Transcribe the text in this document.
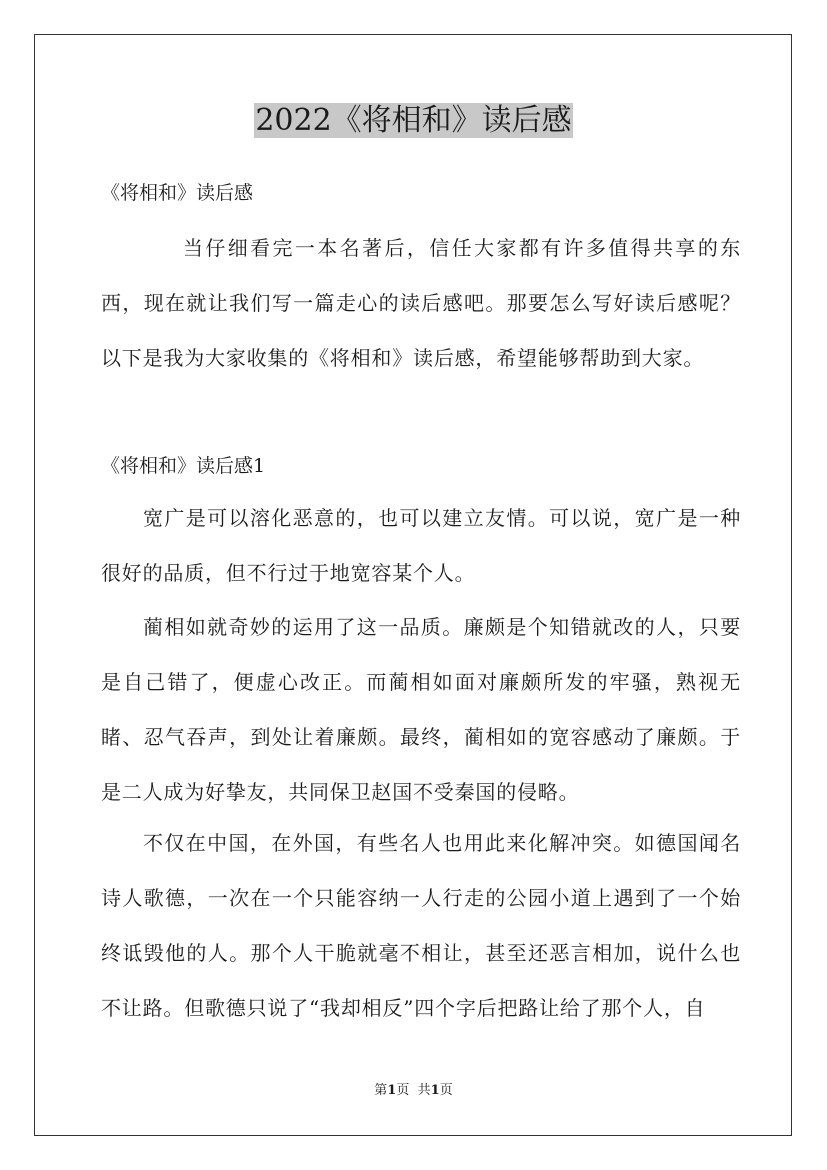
2022《将相和》读后感
《将相和》读后感

当仔细看完一本名著后，信任大家都有许多值得共享的东西，现在就让我们写一篇走心的读后感吧。那要怎么写好读后感呢？以下是我为大家收集的《将相和》读后感，希望能够帮助到大家。

《将相和》读后感1

宽广是可以溶化恶意的，也可以建立友情。可以说，宽广是一种很好的品质，但不行过于地宽容某个人。

蔺相如就奇妙的运用了这一品质。廉颇是个知错就改的人，只要是自己错了，便虚心改正。而蔺相如面对廉颇所发的牢骚，熟视无睹、忍气吞声，到处让着廉颇。最终，蔺相如的宽容感动了廉颇。于是二人成为好挚友，共同保卫赵国不受秦国的侵略。

不仅在中国，在外国，有些名人也用此来化解冲突。如德国闻名诗人歌德，一次在一个只能容纳一人行走的公园小道上遇到了一个始终诋毁他的人。那个人干脆就毫不相让，甚至还恶言相加，说什么也不让路。但歌德只说了“我却相反”四个字后把路让给了那个人，自

第1页 共1页
